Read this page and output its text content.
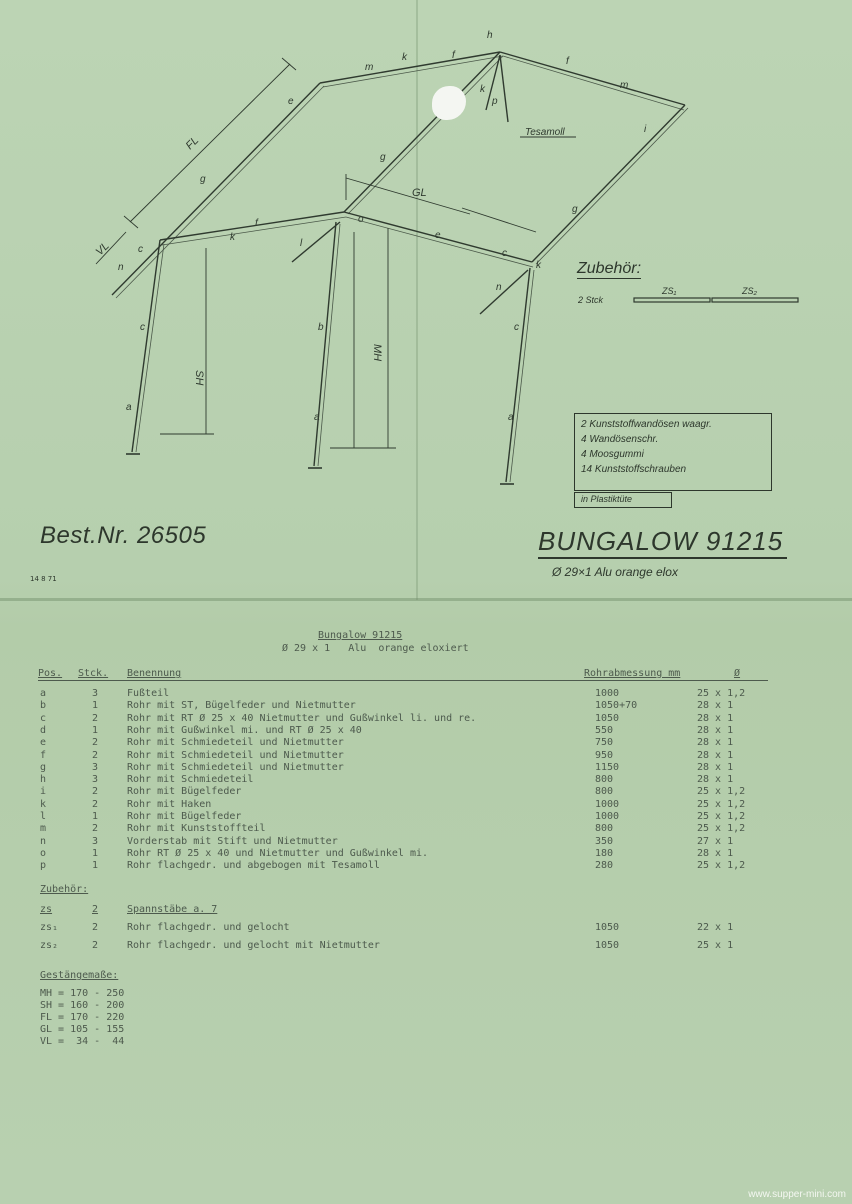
m
f
f
m
i
g
g
e
g
c
n
f
e
c
c
a
b
a
c
a
n
l
o
p
h
k
k
k
k
FL
GL
VL
SH
MH
Tesamoll
ZS₁	ZS₂
Zubehör:
2 Stck
2 Kunststoffwandösen waagr.
4 Wandösenschr.
4 Moosgummi
14 Kunststoffschrauben
in Plastiktüte
Best.Nr. 26505	BUNGALOW 91215
Ø 29×1 Alu orange elox
14 8 71
Bungalow 91215
Ø 29 x 1   Alu  orange eloxiert
Pos. Stck. Benennung	Rohrabmessung mm	Ø
a	3	Fußteil	1000	25 x 1,2
b	1	Rohr mit ST, Bügelfeder und Nietmutter	1050+70	28 x 1
c	2	Rohr mit RT Ø 25 x 40 Nietmutter und Gußwinkel li. und re.	1050	28 x 1
d	1	Rohr mit Gußwinkel mi. und RT Ø 25 x 40	550	28 x 1
e	2	Rohr mit Schmiedeteil und Nietmutter	750	28 x 1
f	2	Rohr mit Schmiedeteil und Nietmutter	950	28 x 1
g	3	Rohr mit Schmiedeteil und Nietmutter	1150	28 x 1
h	3	Rohr mit Schmiedeteil	800	28 x 1
i	2	Rohr mit Bügelfeder	800	25 x 1,2
k	2	Rohr mit Haken	1000	25 x 1,2
l	1	Rohr mit Bügelfeder	1000	25 x 1,2
m	2	Rohr mit Kunststoffteil	800	25 x 1,2
n	3	Vorderstab mit Stift und Nietmutter	350	27 x 1
o	1	Rohr RT Ø 25 x 40 und Nietmutter und Gußwinkel mi.	180	28 x 1
p	1	Rohr flachgedr. und abgebogen mit Tesamoll	280	25 x 1,2
Zubehör:
zs	2	Spannstäbe a. 7
zs₁	2	Rohr flachgedr. und gelocht	1050	22 x 1
zs₂	2	Rohr flachgedr. und gelocht mit Nietmutter	1050	25 x 1
Gestängemaße:
MH = 170 - 250
SH = 160 - 200
FL = 170 - 220
GL = 105 - 155
VL =  34 -  44
www.supper-mini.com
